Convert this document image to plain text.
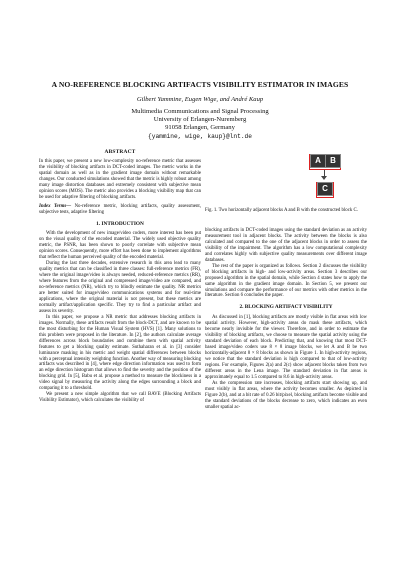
A NO-REFERENCE BLOCKING ARTIFACTS VISIBILITY ESTIMATOR IN IMAGES
Gilbert Yammine, Eugen Wige, and André Kaup
Multimedia Communications and Signal Processing
University of Erlangen-Nuremberg
91058 Erlangen, Germany
{yammine, wige, kaup}@lnt.de
ABSTRACT

In this paper, we present a new low-complexity no-reference metric that assesses the visibility of blocking artifacts in DCT-coded images. The metric works in the spatial domain as well as in the gradient image domain without remarkable changes. Our conducted simulations showed that the metric is highly robust among many image distortion databases and extremely consistent with subjective mean opinion scores (MOS). The metric also provides a blocking visibility map that can be used for adaptive filtering of blocking artifacts.

Index Terms— No-reference metric, blocking artifacts, quality assessment, subjective tests, adaptive filtering

1. INTRODUCTION

With the development of new image/video coders, more interest has been put on the visual quality of the encoded material. The widely used objective quality metric, the PSNR, has been shown to poorly correlate with subjective mean opinion scores. Consequently, more effort has been done to implement algorithms that reflect the human perceived quality of the encoded material.

During the last three decades, extensive research in this area lead to many quality metrics that can be classified in three classes: full-reference metrics (FR), where the original image/video is always needed, reduced-reference metrics (RR), where features from the original and compressed image/video are compared, and no-reference metrics (NR), which try to blindly estimate the quality. NR metrics are better suited for image/video communications systems and for real-time applications, where the original material is not present, but these metrics are normally artifact/application specific. They try to find a particular artifact and assess its severity.

In this paper, we propose a NR metric that addresses blocking artifacts in images. Normally, these artifacts result from the block-DCT, and are known to be the most disturbing for the Human Visual System (HVS) [1]. Many solutions to this problem were proposed in the literature. In [2], the authors calculate average differences across block boundaries and combine them with spatial activity features to get a blocking quality estimate. Suthaharan et al. in [3] consider luminance masking in his metric and weight spatial differences between blocks with a perceptual intensity weighting function. Another way of measuring blocking artifacts was described in [4], where edge direction information was used to form an edge direction histogram that allows to find the severity and the position of the blocking grid. In [5], Babu et al. propose a method to measure the blockiness in a video signal by measuring the activity along the edges surrounding a block and comparing it to a threshold.

We present a new simple algorithm that we call BAVE (Blocking Artifacts Visibility Estimator), which calculates the visibility of

A	B
C
Fig. 1. Two horizontally adjacent blocks A and B with the constructed block C.

blocking artifacts in DCT-coded images using the standard deviation as an activity measurement tool in adjacent blocks. The activity between the blocks is also calculated and compared to the one of the adjacent blocks in order to assess the visibility of the impairment. The algorithm has a low computational complexity and correlates highly with subjective quality measurements over different image databases.

The rest of the paper is organized as follows. Section 2 discusses the visibility of blocking artifacts in high- and low-activity areas. Section 3 describes our proposed algorithm in the spatial domain, while Section 4 states how to apply the same algorithm in the gradient image domain. In Section 5, we present our simulations and compare the performance of our metrics with other metrics in the literature. Section 6 concludes the paper.

2. BLOCKING ARTIFACT VISIBILITY

As discussed in [1], blocking artifacts are mostly visible in flat areas with low spatial activity. However, high-activity areas do mask these artifacts, which become nearly invisible for the viewer. Therefore, and in order to estimate the visibility of blocking artifacts, we choose to measure the spatial activity using the standard deviation of each block. Predicting that, and knowing that most DCT-based image/video coders use 8 × 8 image blocks, we let A and B be two horizontally-adjacent 8 × 8 blocks as shown in Figure 1. In high-activity regions, we notice that the standard deviation is high compared to that of low-activity regions. For example, Figures 2(a) and 2(c) show adjacent blocks taken from two different areas in the Lena image. The standard deviation in flat areas is approximately equal to 1.5 compared to 8.6 in high-activity areas.

As the compression rate increases, blocking artifacts start showing up, and most visibly in flat areas, where the activity becomes smaller. As depicted in Figure 2(b), and at a bit rate of 0.26 bit/pixel, blocking artifacts become visible and the standard deviations of the blocks decrease to zero, which indicates an even smaller spatial ac-
